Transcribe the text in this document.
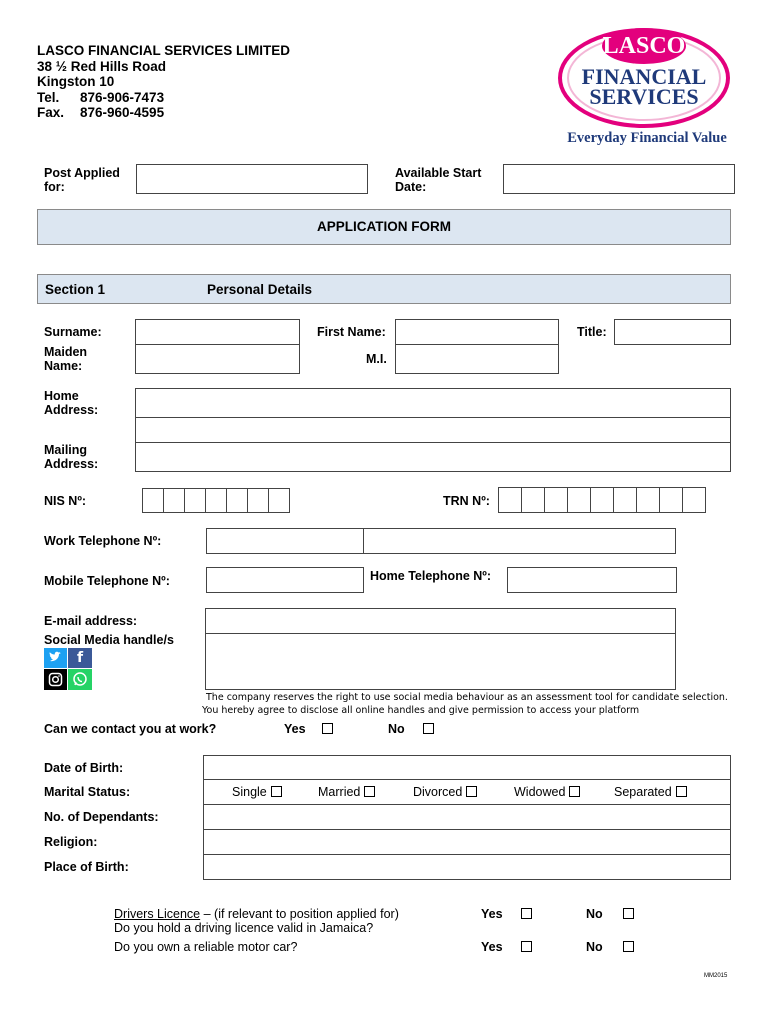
LASCO FINANCIAL SERVICES LIMITED
38 ½ Red Hills Road
Kingston 10
Tel. 876-906-7473
Fax. 876-960-4595
LASCO
FINANCIAL
SERVICES
Everyday Financial Value
Post Applied
for:
Available Start
Date:
APPLICATION FORM
Section 1	Personal Details
Surname:	First Name:	Title:
Maiden
Name:	M.I.
Home
Address:
Mailing
Address:
NIS Nº:	TRN Nº:
Work Telephone Nº:
Mobile Telephone Nº:	Home Telephone Nº:
E-mail address:
Social Media handle/s
f
The company reserves the right to use social media behaviour as an assessment tool for candidate selection.
You hereby agree to disclose all online handles and give permission to access your platform
Can we contact you at work?	Yes	No
Date of Birth:
Marital Status:	Single	Married	Divorced	Widowed	Separated
No. of Dependants:
Religion:
Place of Birth:
Drivers Licence – (if relevant to position applied for)
Do you hold a driving licence valid in Jamaica?
Yes	No
Do you own a reliable motor car?	Yes	No
MM2015
